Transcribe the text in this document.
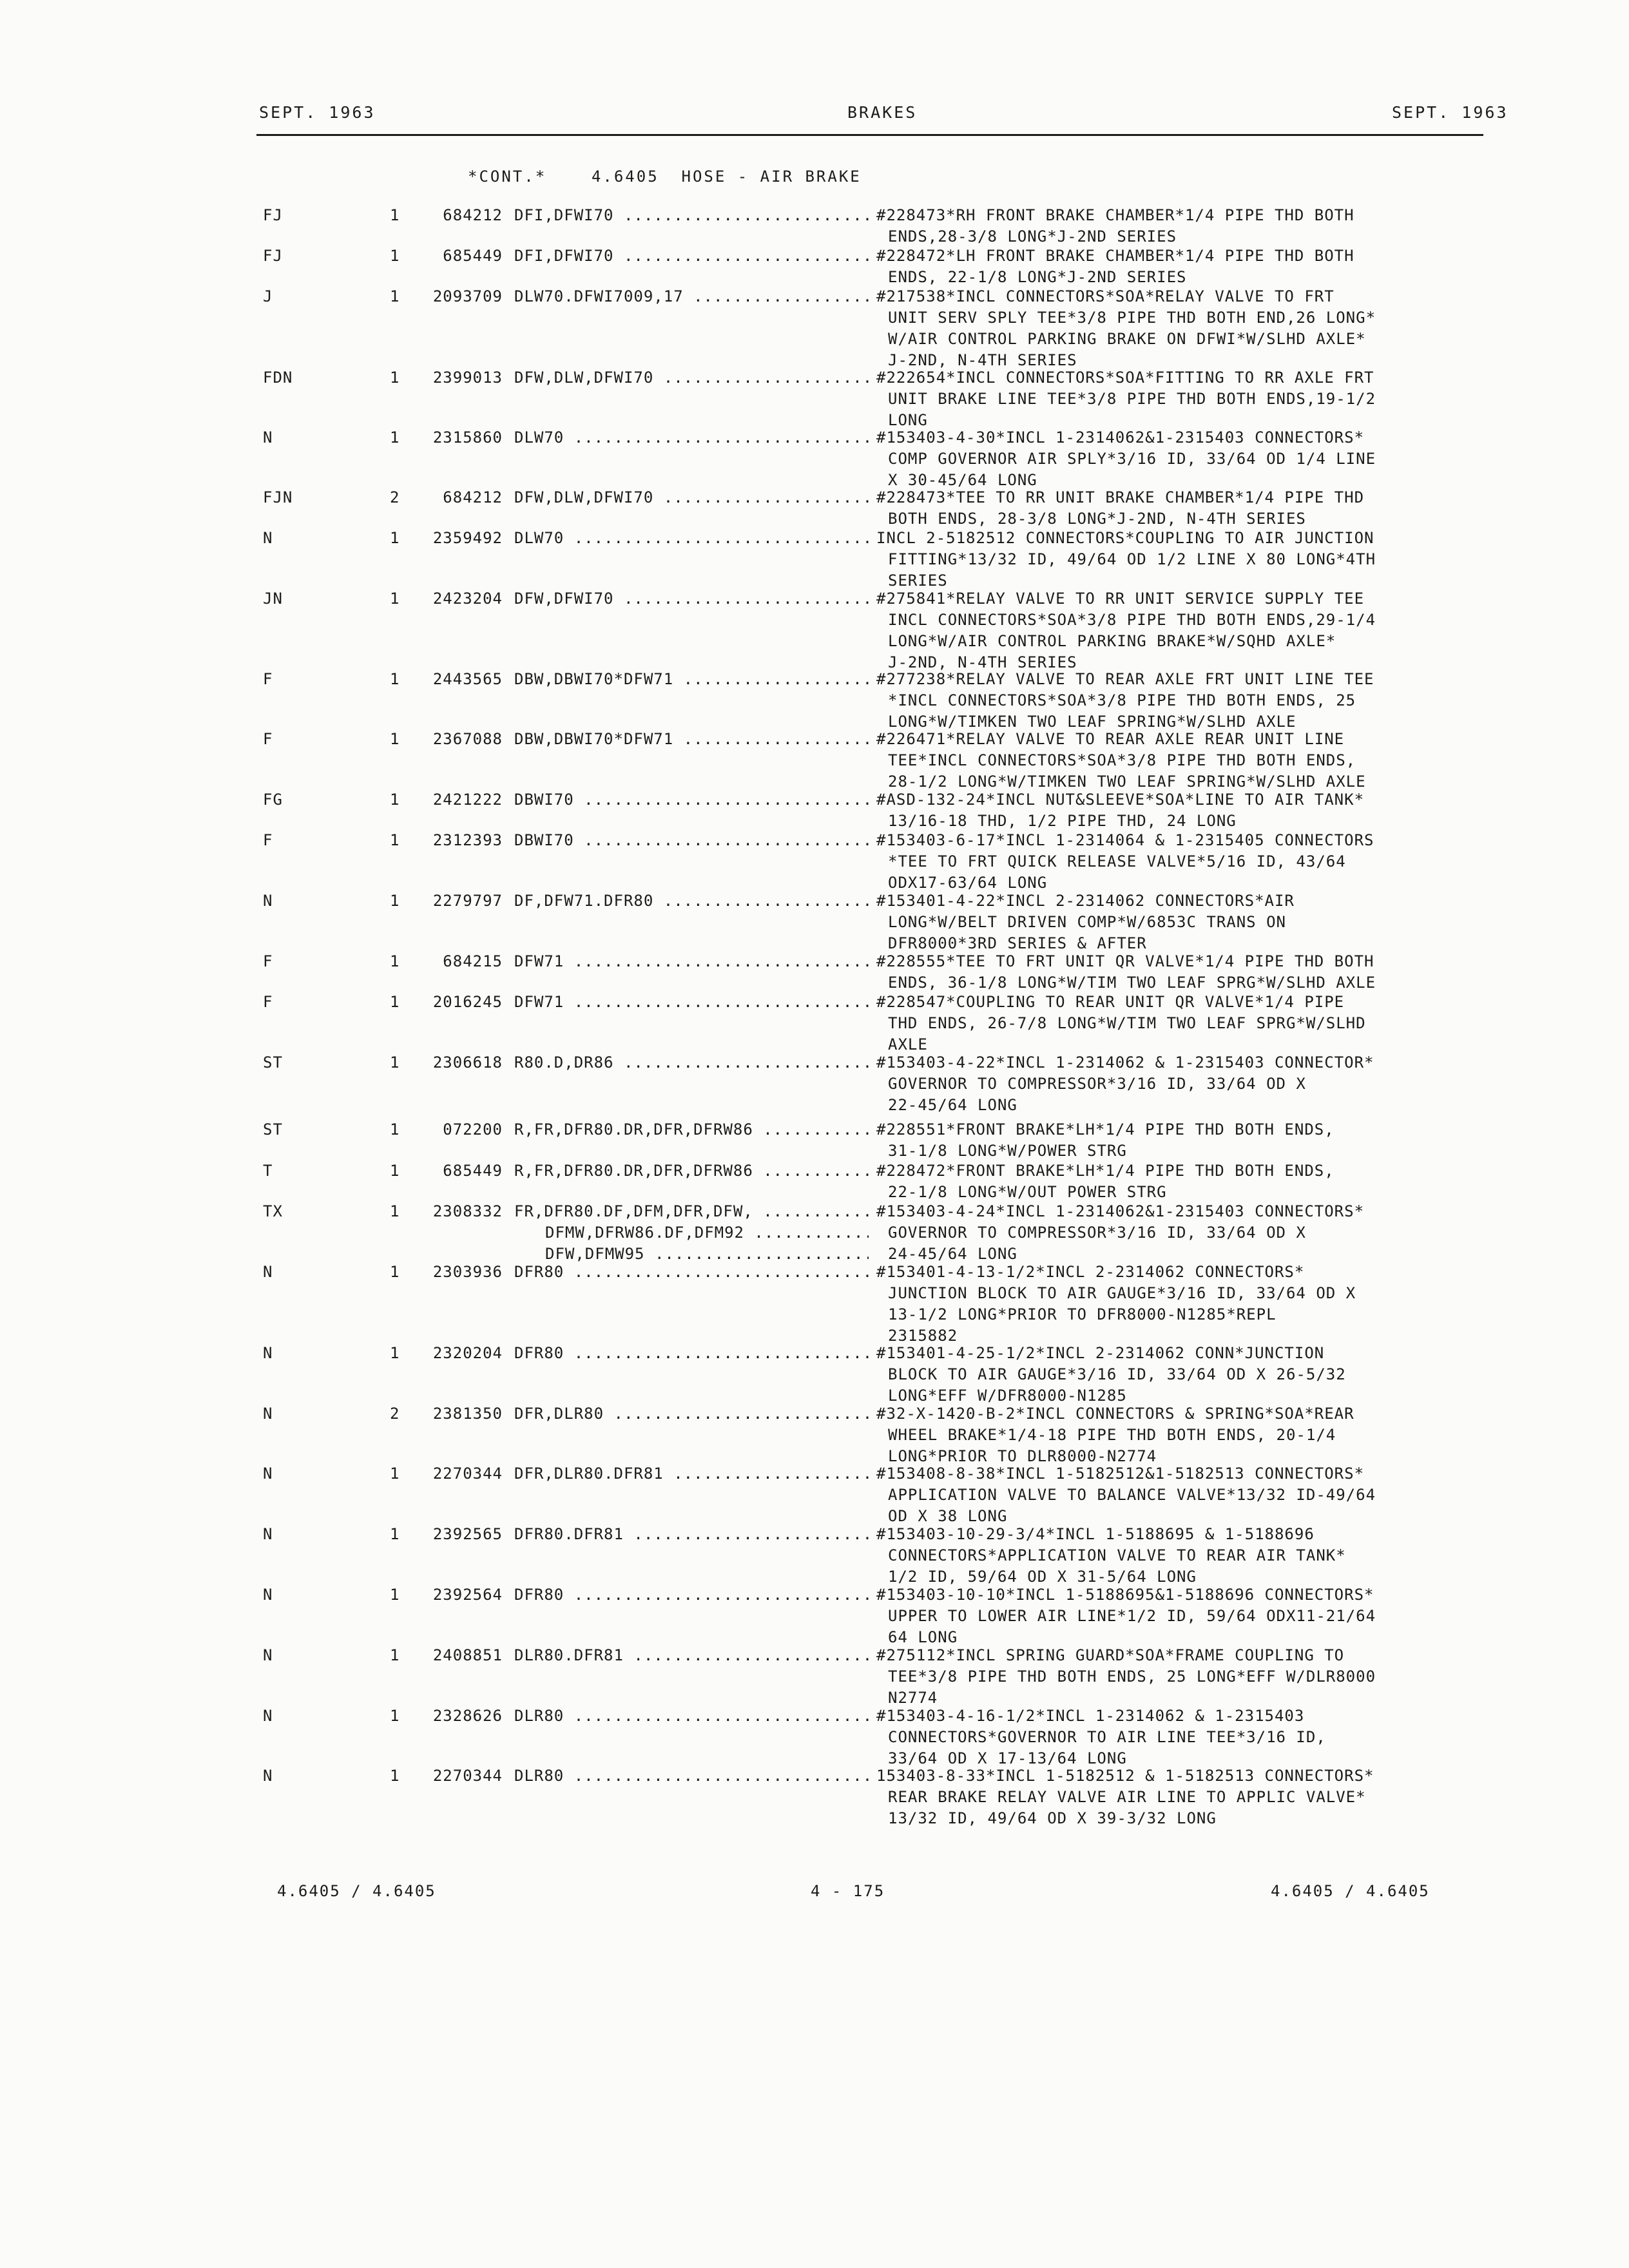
SEPT. 1963	BRAKES	SEPT. 1963
*CONT.*    4.6405  HOSE - AIR BRAKE
FJ	1	684212 DFI,DFWI70 .....	#228473*RH FRONT BRAKE CHAMBER*1/4 PIPE THD BOTH
ENDS,28-3/8 LONG*J-2ND SERIES
FJ	1	685449 DFI,DFWI70 .....	#228472*LH FRONT BRAKE CHAMBER*1/4 PIPE THD BOTH
ENDS, 22-1/8 LONG*J-2ND SERIES
J	1	2093709 DLW70.DFWI7009,17 .....	#217538*INCL CONNECTORS*SOA*RELAY VALVE TO FRT
UNIT SERV SPLY TEE*3/8 PIPE THD BOTH END,26 LONG*
W/AIR CONTROL PARKING BRAKE ON DFWI*W/SLHD AXLE*
J-2ND, N-4TH SERIES
FDN	1	2399013 DFW,DLW,DFWI70 .....	#222654*INCL CONNECTORS*SOA*FITTING TO RR AXLE FRT
UNIT BRAKE LINE TEE*3/8 PIPE THD BOTH ENDS,19-1/2
LONG
N	1	2315860 DLW70 .....	#153403-4-30*INCL 1-2314062&1-2315403 CONNECTORS*
COMP GOVERNOR AIR SPLY*3/16 ID, 33/64 OD 1/4 LINE
X 30-45/64 LONG
FJN	2	684212 DFW,DLW,DFWI70 .....	#228473*TEE TO RR UNIT BRAKE CHAMBER*1/4 PIPE THD
BOTH ENDS, 28-3/8 LONG*J-2ND, N-4TH SERIES
N	1	2359492 DLW70 .....	INCL 2-5182512 CONNECTORS*COUPLING TO AIR JUNCTION
FITTING*13/32 ID, 49/64 OD 1/2 LINE X 80 LONG*4TH
SERIES
JN	1	2423204 DFW,DFWI70 .....	#275841*RELAY VALVE TO RR UNIT SERVICE SUPPLY TEE
INCL CONNECTORS*SOA*3/8 PIPE THD BOTH ENDS,29-1/4
LONG*W/AIR CONTROL PARKING BRAKE*W/SQHD AXLE*
J-2ND, N-4TH SERIES
F	1	2443565 DBW,DBWI70*DFW71 .....	#277238*RELAY VALVE TO REAR AXLE FRT UNIT LINE TEE
*INCL CONNECTORS*SOA*3/8 PIPE THD BOTH ENDS, 25
LONG*W/TIMKEN TWO LEAF SPRING*W/SLHD AXLE
F	1	2367088 DBW,DBWI70*DFW71 .....	#226471*RELAY VALVE TO REAR AXLE REAR UNIT LINE
TEE*INCL CONNECTORS*SOA*3/8 PIPE THD BOTH ENDS,
28-1/2 LONG*W/TIMKEN TWO LEAF SPRING*W/SLHD AXLE
FG	1	2421222 DBWI70 .....	#ASD-132-24*INCL NUT&SLEEVE*SOA*LINE TO AIR TANK*
13/16-18 THD, 1/2 PIPE THD, 24 LONG
F	1	2312393 DBWI70 .....	#153403-6-17*INCL 1-2314064 & 1-2315405 CONNECTORS
*TEE TO FRT QUICK RELEASE VALVE*5/16 ID, 43/64
ODX17-63/64 LONG
N	1	2279797 DF,DFW71.DFR80 .....	#153401-4-22*INCL 2-2314062 CONNECTORS*AIR
LONG*W/BELT DRIVEN COMP*W/6853C TRANS ON
DFR8000*3RD SERIES & AFTER
F	1	684215 DFW71 .....	#228555*TEE TO FRT UNIT QR VALVE*1/4 PIPE THD BOTH
ENDS, 36-1/8 LONG*W/TIM TWO LEAF SPRG*W/SLHD AXLE
F	1	2016245 DFW71 .....	#228547*COUPLING TO REAR UNIT QR VALVE*1/4 PIPE
THD ENDS, 26-7/8 LONG*W/TIM TWO LEAF SPRG*W/SLHD
AXLE
ST	1	2306618 R80.D,DR86 .....	#153403-4-22*INCL 1-2314062 & 1-2315403 CONNECTOR*
GOVERNOR TO COMPRESSOR*3/16 ID, 33/64 OD X
22-45/64 LONG
ST	1	072200 R,FR,DFR80.DR,DFR,DFRW86 .....	#228551*FRONT BRAKE*LH*1/4 PIPE THD BOTH ENDS,
31-1/8 LONG*W/POWER STRG
T	1	685449 R,FR,DFR80.DR,DFR,DFRW86 .....	#228472*FRONT BRAKE*LH*1/4 PIPE THD BOTH ENDS,
22-1/8 LONG*W/OUT POWER STRG
TX	1	2308332 FR,DFR80.DF,DFM,DFR,DFW, .....
DFMW,DFRW86.DF,DFM92 .....
DFW,DFMW95 .....
#153403-4-24*INCL 1-2314062&1-2315403 CONNECTORS*
GOVERNOR TO COMPRESSOR*3/16 ID, 33/64 OD X
24-45/64 LONG
N	1	2303936 DFR80 .....	#153401-4-13-1/2*INCL 2-2314062 CONNECTORS*
JUNCTION BLOCK TO AIR GAUGE*3/16 ID, 33/64 OD X
13-1/2 LONG*PRIOR TO DFR8000-N1285*REPL
2315882
N	1	2320204 DFR80 .....	#153401-4-25-1/2*INCL 2-2314062 CONN*JUNCTION
BLOCK TO AIR GAUGE*3/16 ID, 33/64 OD X 26-5/32
LONG*EFF W/DFR8000-N1285
N	2	2381350 DFR,DLR80 .....	#32-X-1420-B-2*INCL CONNECTORS & SPRING*SOA*REAR
WHEEL BRAKE*1/4-18 PIPE THD BOTH ENDS, 20-1/4
LONG*PRIOR TO DLR8000-N2774
N	1	2270344 DFR,DLR80.DFR81 .....	#153408-8-38*INCL 1-5182512&1-5182513 CONNECTORS*
APPLICATION VALVE TO BALANCE VALVE*13/32 ID-49/64
OD X 38 LONG
N	1	2392565 DFR80.DFR81 .....	#153403-10-29-3/4*INCL 1-5188695 & 1-5188696
CONNECTORS*APPLICATION VALVE TO REAR AIR TANK*
1/2 ID, 59/64 OD X 31-5/64 LONG
N	1	2392564 DFR80 .....	#153403-10-10*INCL 1-5188695&1-5188696 CONNECTORS*
UPPER TO LOWER AIR LINE*1/2 ID, 59/64 ODX11-21/64
64 LONG
N	1	2408851 DLR80.DFR81 .....	#275112*INCL SPRING GUARD*SOA*FRAME COUPLING TO
TEE*3/8 PIPE THD BOTH ENDS, 25 LONG*EFF W/DLR8000
N2774
N	1	2328626 DLR80 .....	#153403-4-16-1/2*INCL 1-2314062 & 1-2315403
CONNECTORS*GOVERNOR TO AIR LINE TEE*3/16 ID,
33/64 OD X 17-13/64 LONG
N	1	2270344 DLR80 .....	153403-8-33*INCL 1-5182512 & 1-5182513 CONNECTORS*
REAR BRAKE RELAY VALVE AIR LINE TO APPLIC VALVE*
13/32 ID, 49/64 OD X 39-3/32 LONG
4.6405 / 4.6405	4 - 175	4.6405 / 4.6405
